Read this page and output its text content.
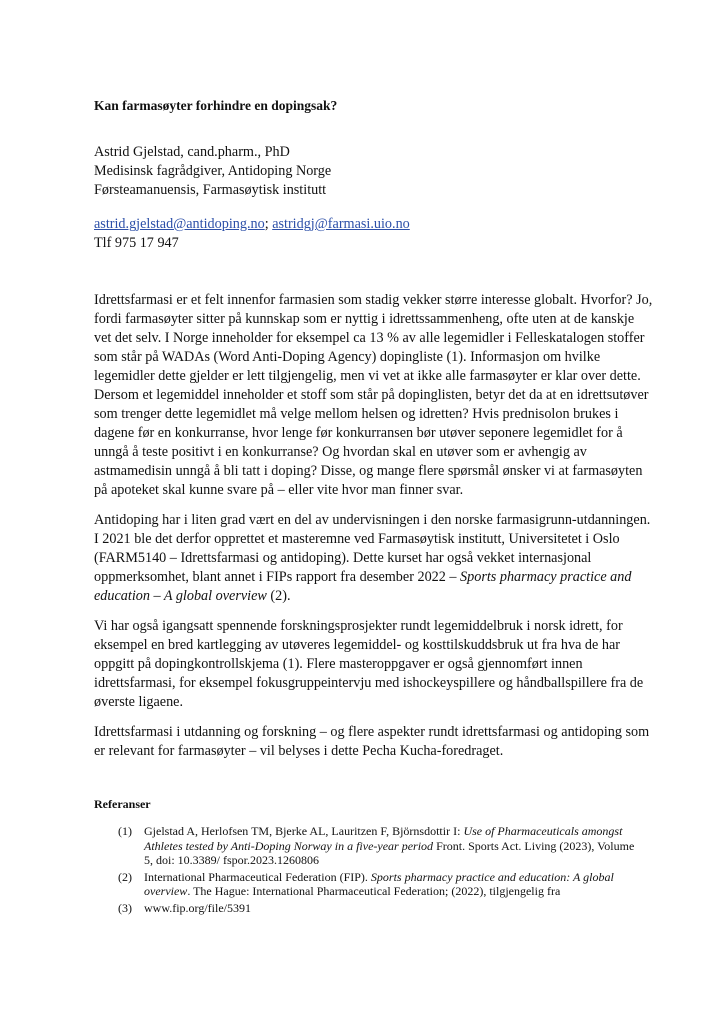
Kan farmasøyter forhindre en dopingsak?
Astrid Gjelstad, cand.pharm., PhD
Medisinsk fagrådgiver, Antidoping Norge
Førsteamanuensis, Farmasøytisk institutt
astrid.gjelstad@antidoping.no; astridgj@farmasi.uio.no
Tlf 975 17 947

Idrettsfarmasi er et felt innenfor farmasien som stadig vekker større interesse globalt. Hvorfor? Jo, fordi farmasøyter sitter på kunnskap som er nyttig i idrettssammenheng, ofte uten at de kanskje vet det selv. I Norge inneholder for eksempel ca 13 % av alle legemidler i Felleskatalogen stoffer som står på WADAs (Word Anti-Doping Agency) dopingliste (1). Informasjon om hvilke legemidler dette gjelder er lett tilgjengelig, men vi vet at ikke alle farmasøyter er klar over dette. Dersom et legemiddel inneholder et stoff som står på dopinglisten, betyr det da at en idrettsutøver som trenger dette legemidlet må velge mellom helsen og idretten? Hvis prednisolon brukes i dagene før en konkurranse, hvor lenge før konkurransen bør utøver seponere legemidlet for å unngå å teste positivt i en konkurranse? Og hvordan skal en utøver som er avhengig av astmamedisin unngå å bli tatt i doping? Disse, og mange flere spørsmål ønsker vi at farmasøyten på apoteket skal kunne svare på – eller vite hvor man finner svar.

Antidoping har i liten grad vært en del av undervisningen i den norske farmasigrunn-utdanningen. I 2021 ble det derfor opprettet et masteremne ved Farmasøytisk institutt, Universitetet i Oslo (FARM5140 – Idrettsfarmasi og antidoping). Dette kurset har også vekket internasjonal oppmerksomhet, blant annet i FIPs rapport fra desember 2022 – Sports pharmacy practice and education – A global overview (2).

Vi har også igangsatt spennende forskningsprosjekter rundt legemiddelbruk i norsk idrett, for eksempel en bred kartlegging av utøveres legemiddel- og kosttilskuddsbruk ut fra hva de har oppgitt på dopingkontrollskjema (1). Flere masteroppgaver er også gjennomført innen idrettsfarmasi, for eksempel fokusgruppeintervju med ishockeyspillere og håndballspillere fra de øverste ligaene.

Idrettsfarmasi i utdanning og forskning – og flere aspekter rundt idrettsfarmasi og antidoping som er relevant for farmasøyter – vil belyses i dette Pecha Kucha-foredraget.

Referanser
(1)	Gjelstad A, Herlofsen TM, Bjerke AL, Lauritzen F, Björnsdottir I: Use of Pharmaceuticals amongst Athletes tested by Anti-Doping Norway in a five-year period Front. Sports Act. Living (2023), Volume 5, doi: 10.3389/ fspor.2023.1260806
(2)	International Pharmaceutical Federation (FIP). Sports pharmacy practice and education: A global overview. The Hague: International Pharmaceutical Federation; (2022), tilgjengelig fra
(3)	www.fip.org/file/5391
